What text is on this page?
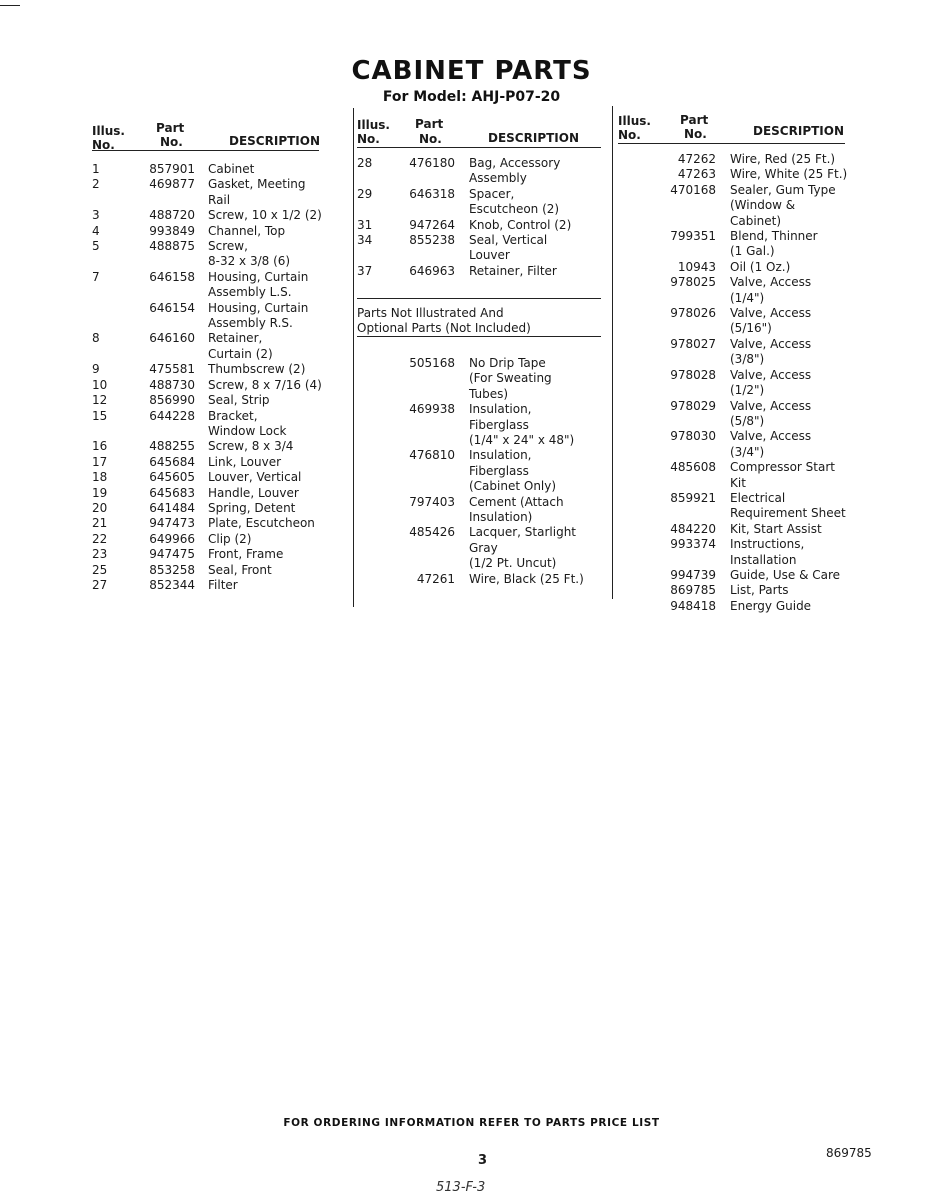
CABINET PARTS
For Model: AHJ-P07-20
Illus.
No.
Part
No.	DESCRIPTION
1	857901 Cabinet
2	469877 Gasket, Meeting
Rail
3	488720 Screw, 10 x 1/2 (2)
4	993849 Channel, Top
5	488875 Screw,
8-32 x 3/8 (6)
7	646158 Housing, Curtain
Assembly L.S.
646154 Housing, Curtain
Assembly R.S.
8	646160 Retainer,
Curtain (2)
9	475581 Thumbscrew (2)
10	488730 Screw, 8 x 7/16 (4)
12	856990 Seal, Strip
15	644228 Bracket,
Window Lock
16	488255 Screw, 8 x 3/4
17	645684 Link, Louver
18	645605 Louver, Vertical
19	645683 Handle, Louver
20	641484 Spring, Detent
21	947473 Plate, Escutcheon
22	649966 Clip (2)
23	947475 Front, Frame
25	853258 Seal, Front
27	852344 Filter
Illus.
No.
Part
No.	DESCRIPTION
28	476180 Bag, Accessory
Assembly
29	646318 Spacer,
Escutcheon (2)
31	947264 Knob, Control (2)
34	855238 Seal, Vertical
Louver
37	646963 Retainer, Filter
Parts Not Illustrated And
Optional Parts (Not Included)
505168 No Drip Tape
(For Sweating
Tubes)
469938 Insulation,
Fiberglass
(1/4" x 24" x 48")
476810 Insulation,
Fiberglass
(Cabinet Only)
797403 Cement (Attach
Insulation)
485426 Lacquer, Starlight
Gray
(1/2 Pt. Uncut)
47261 Wire, Black (25 Ft.)
Illus.
No.
Part
No.	DESCRIPTION
47262 Wire, Red (25 Ft.)
47263 Wire, White (25 Ft.)
470168 Sealer, Gum Type
(Window &
Cabinet)
799351 Blend, Thinner
(1 Gal.)
10943 Oil (1 Oz.)
978025 Valve, Access
(1/4")
978026 Valve, Access
(5/16")
978027 Valve, Access
(3/8")
978028 Valve, Access
(1/2")
978029 Valve, Access
(5/8")
978030 Valve, Access
(3/4")
485608 Compressor Start
Kit
859921 Electrical
Requirement Sheet
484220 Kit, Start Assist
993374 Instructions,
Installation
994739 Guide, Use & Care
869785 List, Parts
948418 Energy Guide
FOR ORDERING INFORMATION REFER TO PARTS PRICE LIST
3	869785
513-F-3
